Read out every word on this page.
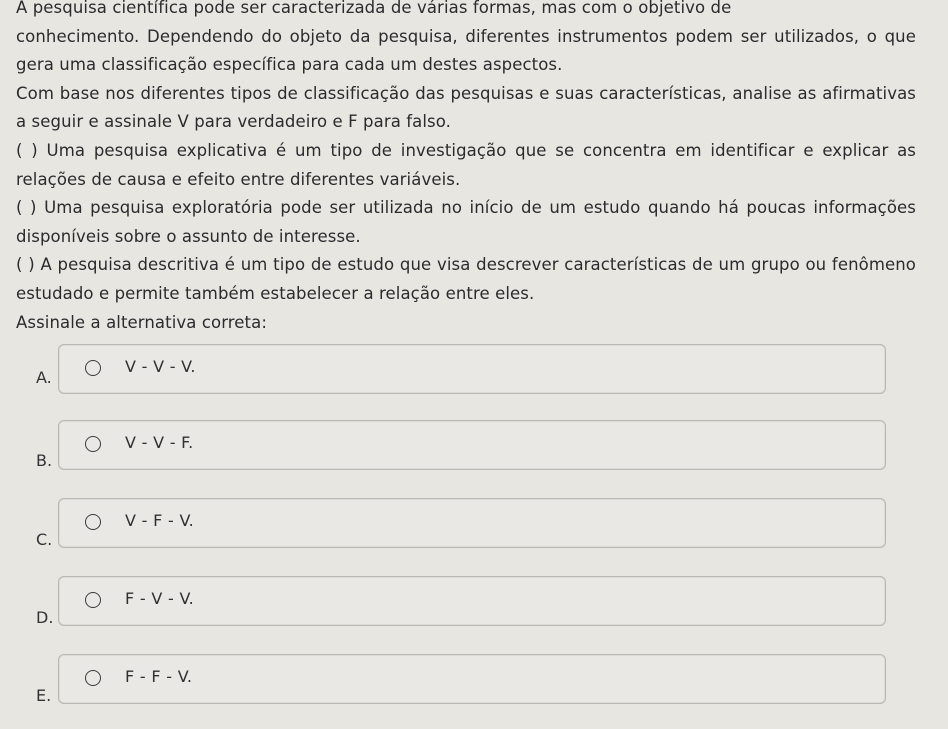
A pesquisa científica pode ser caracterizada de várias formas, mas com o objetivo de
conhecimento. Dependendo do objeto da pesquisa, diferentes instrumentos podem ser utilizados, o que
gera uma classificação específica para cada um destes aspectos.
Com base nos diferentes tipos de classificação das pesquisas e suas características, analise as afirmativas
a seguir e assinale V para verdadeiro e F para falso.
( ) Uma pesquisa explicativa é um tipo de investigação que se concentra em identificar e explicar as
relações de causa e efeito entre diferentes variáveis.
( ) Uma pesquisa exploratória pode ser utilizada no início de um estudo quando há poucas informações
disponíveis sobre o assunto de interesse.
( ) A pesquisa descritiva é um tipo de estudo que visa descrever características de um grupo ou fenômeno
estudado e permite também estabelecer a relação entre eles.
Assinale a alternativa correta:
A.
V - V - V.
B.
V - V - F.
C.
V - F - V.
D.
F - V - V.
E.
F - F - V.
